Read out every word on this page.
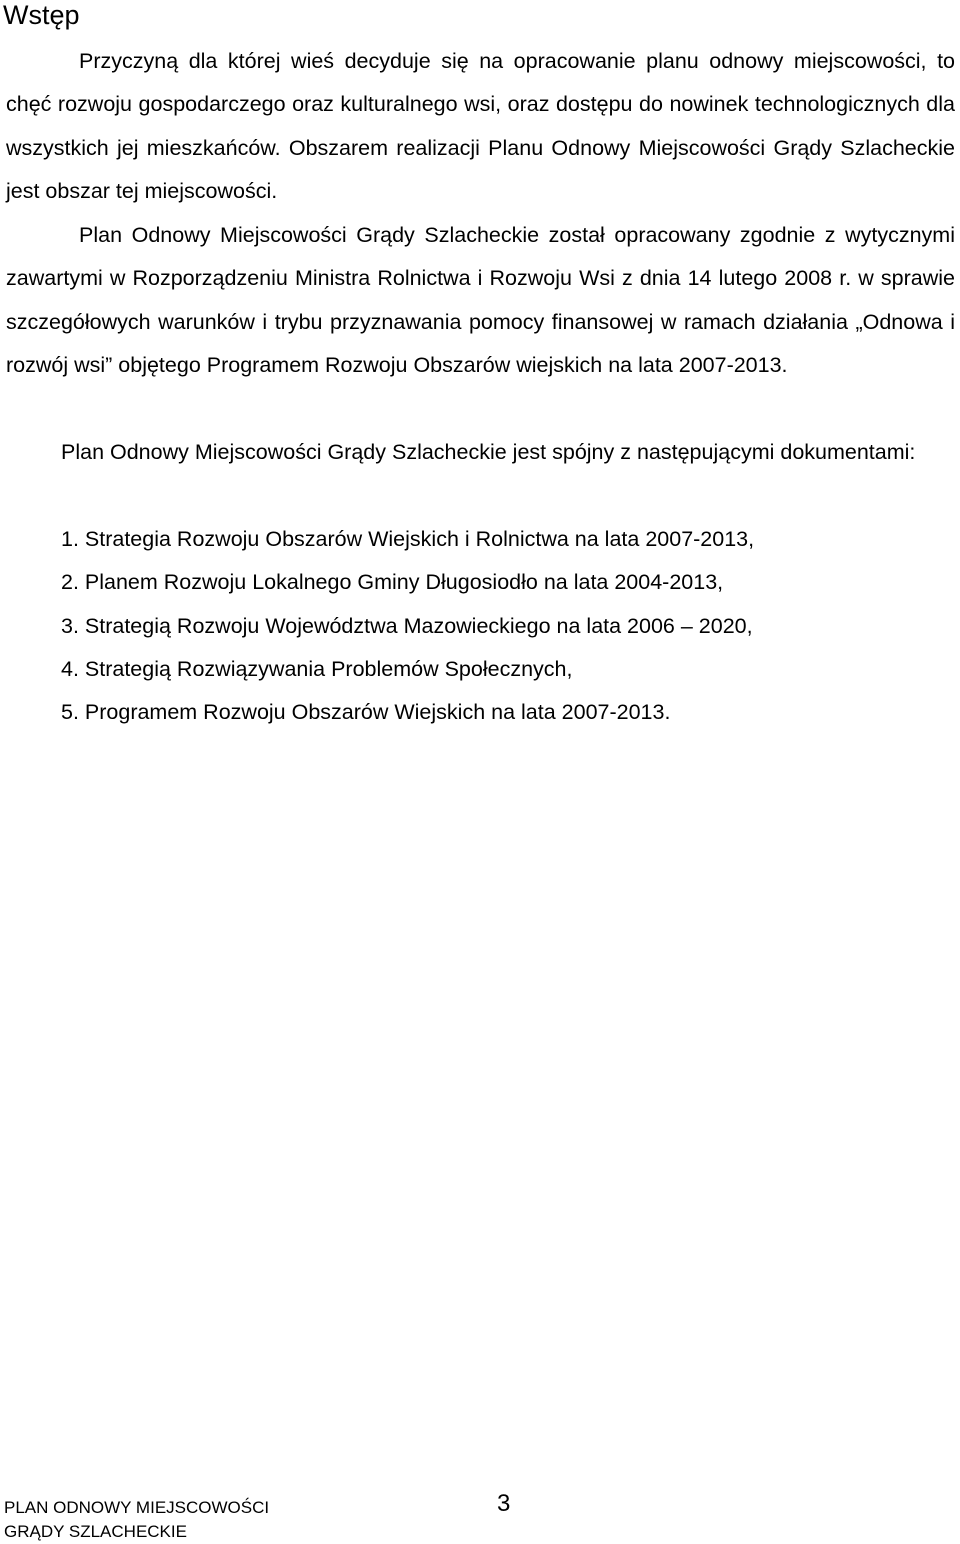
Wstęp

Przyczyną dla której wieś decyduje się na opracowanie planu odnowy miejscowości, to chęć rozwoju gospodarczego oraz kulturalnego wsi, oraz dostępu do nowinek technologicznych dla wszystkich jej mieszkańców. Obszarem realizacji Planu Odnowy Miejscowości Grądy Szlacheckie jest obszar tej miejscowości.

Plan Odnowy Miejscowości Grądy Szlacheckie został opracowany zgodnie z wytycznymi zawartymi w Rozporządzeniu Ministra Rolnictwa i Rozwoju Wsi z dnia 14 lutego 2008 r. w sprawie szczegółowych warunków i trybu przyznawania pomocy finansowej w ramach działania „Odnowa i rozwój wsi” objętego Programem Rozwoju Obszarów wiejskich na lata 2007-2013.

Plan Odnowy Miejscowości Grądy Szlacheckie jest spójny z następującymi dokumentami:

1. Strategia Rozwoju Obszarów Wiejskich i Rolnictwa na lata 2007-2013,
2. Planem Rozwoju Lokalnego Gminy Długosiodło na lata 2004-2013,
3. Strategią Rozwoju Województwa Mazowieckiego na lata 2006 – 2020,
4. Strategią Rozwiązywania Problemów Społecznych,
5. Programem Rozwoju Obszarów Wiejskich na lata 2007-2013.
PLAN ODNOWY MIEJSCOWOŚCI
GRĄDY SZLACHECKIE
3
